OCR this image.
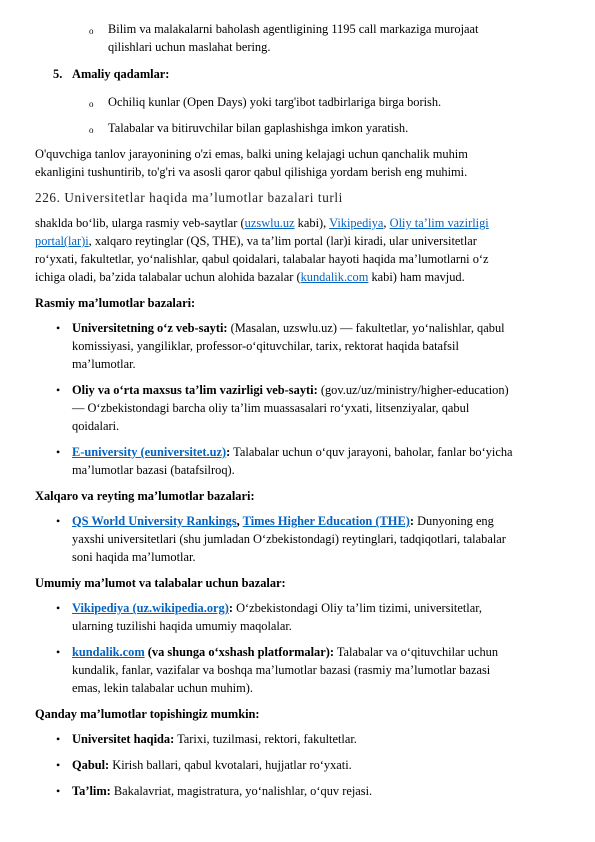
o Bilim va malakalarni baholash agentligining 1195 call markaziga murojaat
qilishlari uchun maslahat bering.
5. Amaliy qadamlar:
o Ochiliq kunlar (Open Days) yoki targ'ibot tadbirlariga birga borish.
o Talabalar va bitiruvchilar bilan gaplashishga imkon yaratish.
O'quvchiga tanlov jarayonining o'zi emas, balki uning kelajagi uchun qanchalik muhim
ekanligini tushuntirib, to'g'ri va asosli qaror qabul qilishiga yordam berish eng muhimi.
226. Universitetlar haqida maʼlumotlar bazalari turli
shaklda boʻlib, ularga rasmiy veb-saytlar (uzswlu.uz kabi), Vikipediya, Oliy taʼlim vazirligi
portal(lar)i, xalqaro reytinglar (QS, THE), va taʼlim portal (lar)i kiradi, ular universitetlar
roʻyxati, fakultetlar, yoʻnalishlar, qabul qoidalari, talabalar hayoti haqida maʼlumotlarni oʻz
ichiga oladi, baʼzida talabalar uchun alohida bazalar (kundalik.com kabi) ham mavjud.
Rasmiy maʼlumotlar bazalari:
• Universitetning oʻz veb-sayti: (Masalan, uzswlu.uz) — fakultetlar, yoʻnalishlar, qabul
komissiyasi, yangiliklar, professor-oʻqituvchilar, tarix, rektorat haqida batafsil
maʼlumotlar.
• Oliy va oʻrta maxsus taʼlim vazirligi veb-sayti: (gov.uz/uz/ministry/higher-education)
— Oʻzbekistondagi barcha oliy taʼlim muassasalari roʻyxati, litsenziyalar, qabul
qoidalari.
• E-university (euniversitet.uz): Talabalar uchun oʻquv jarayoni, baholar, fanlar boʻyicha
maʼlumotlar bazasi (batafsilroq).
Xalqaro va reyting maʼlumotlar bazalari:
• QS World University Rankings, Times Higher Education (THE): Dunyoning eng
yaxshi universitetlari (shu jumladan Oʻzbekistondagi) reytinglari, tadqiqotlari, talabalar
soni haqida maʼlumotlar.
Umumiy maʼlumot va talabalar uchun bazalar:
• Vikipediya (uz.wikipedia.org): Oʻzbekistondagi Oliy taʼlim tizimi, universitetlar,
ularning tuzilishi haqida umumiy maqolalar.
• kundalik.com (va shunga oʻxshash platformalar): Talabalar va oʻqituvchilar uchun
kundalik, fanlar, vazifalar va boshqa maʼlumotlar bazasi (rasmiy maʼlumotlar bazasi
emas, lekin talabalar uchun muhim).
Qanday maʼlumotlar topishingiz mumkin:
• Universitet haqida: Tarixi, tuzilmasi, rektori, fakultetlar.
• Qabul: Kirish ballari, qabul kvotalari, hujjatlar roʻyxati.
• Taʼlim: Bakalavriat, magistratura, yoʻnalishlar, oʻquv rejasi.
